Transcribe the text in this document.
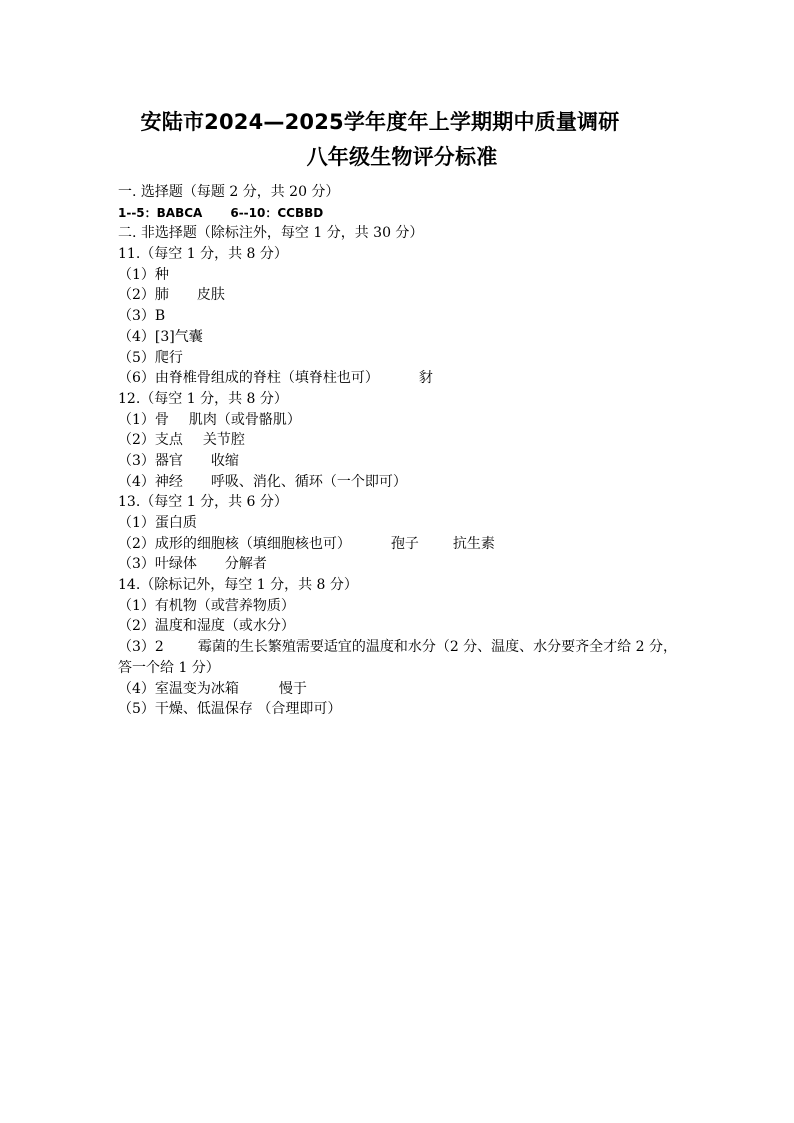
安陆市2024—2025学年度年上学期期中质量调研
八年级生物评分标准
一. 选择题（每题 2 分，共 20 分）
1--5：BABCA 6--10：CCBBD
二. 非选择题（除标注外，每空 1 分，共 30 分）
11.（每空 1 分，共 8 分）
（1）种
（2）肺 皮肤
（3）B
（4）[3]气囊
（5）爬行
（6）由脊椎骨组成的脊柱（填脊柱也可）	豺
12.（每空 1 分，共 8 分）
（1）骨 肌肉（或骨骼肌）
（2）支点 关节腔
（3）器官 收缩
（4）神经 呼吸、消化、循环（一个即可）
13.（每空 1 分，共 6 分）
（1）蛋白质
（2）成形的细胞核（填细胞核也可）	孢子 抗生素
（3）叶绿体 分解者
14.（除标记外，每空 1 分，共 8 分）
（1）有机物（或营养物质）
（2）温度和湿度（或水分）
（3）2 霉菌的生长繁殖需要适宜的温度和水分（2 分、温度、水分要齐全才给 2 分，答一个给 1 分）
（4）室温变为冰箱	慢于
（5）干燥、低温保存 （合理即可）
